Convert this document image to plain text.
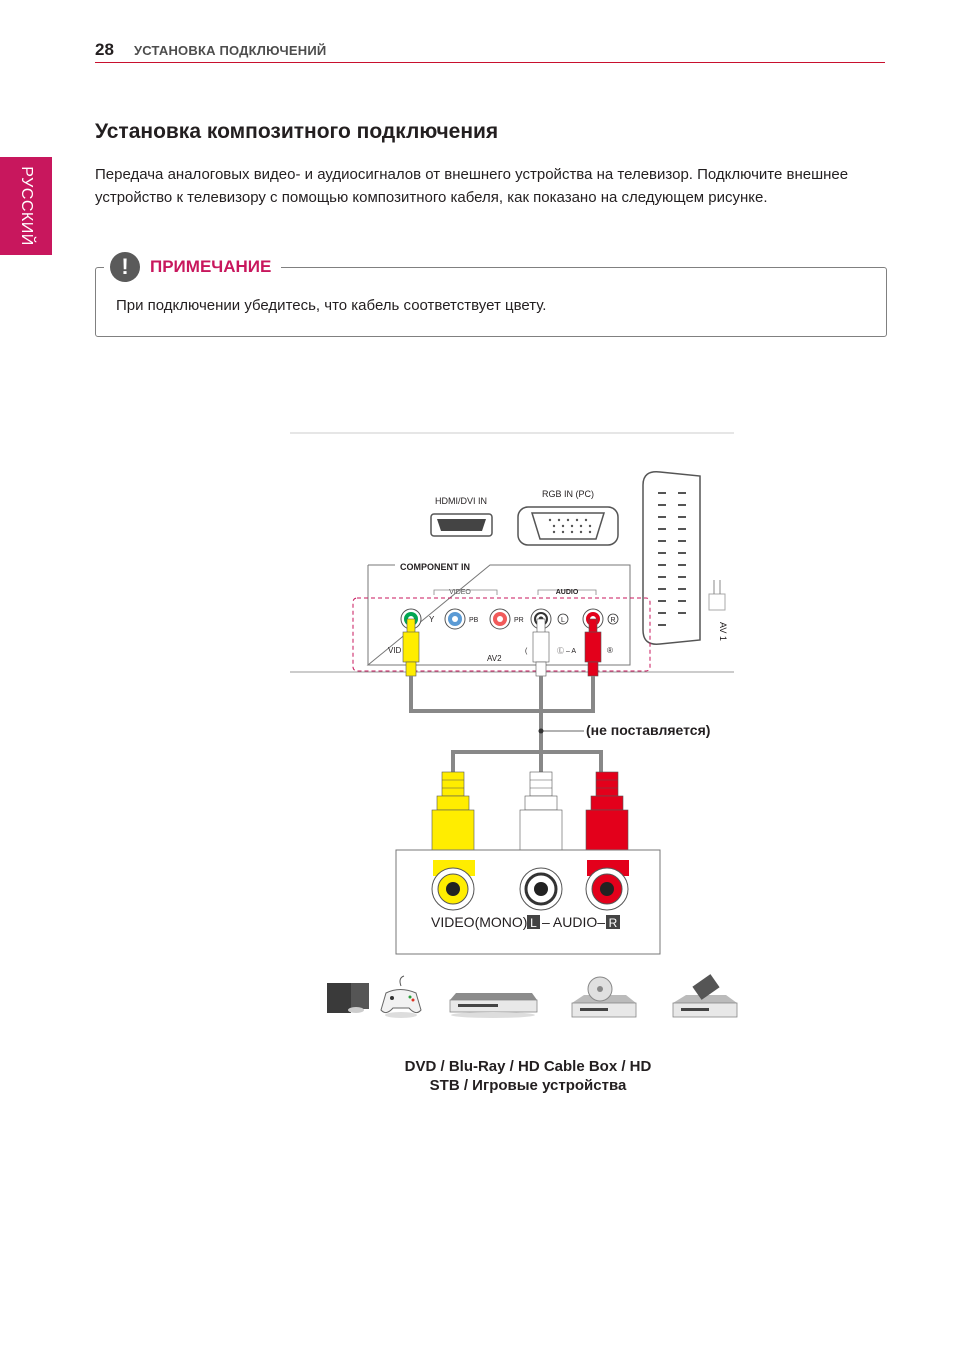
28 УСТАНОВКА ПОДКЛЮЧЕНИЙ
РУССКИЙ
Установка композитного подключения

Передача аналоговых видео- и аудиосигналов от внешнего устройства на телевизор. Подключите внешнее устройство к телевизору с помощью композитного кабеля, как показано на следующем рисунке.

!	ПРИМЕЧАНИЕ
При подключении убедитесь, что кабель соответствует цвету.
HDMI/DVI IN
RGB IN (PC)
AV 1
COMPONENT IN
VIDEO	AUDIO
Y	PB	PR	L	R
VID
AV2
(	Ⓛ – A	®
(не поставляется)
VIDEO(MONO) L – AUDIO– R
DVD / Blu-Ray / HD Cable Box / HD
STB / Игровые устройства
